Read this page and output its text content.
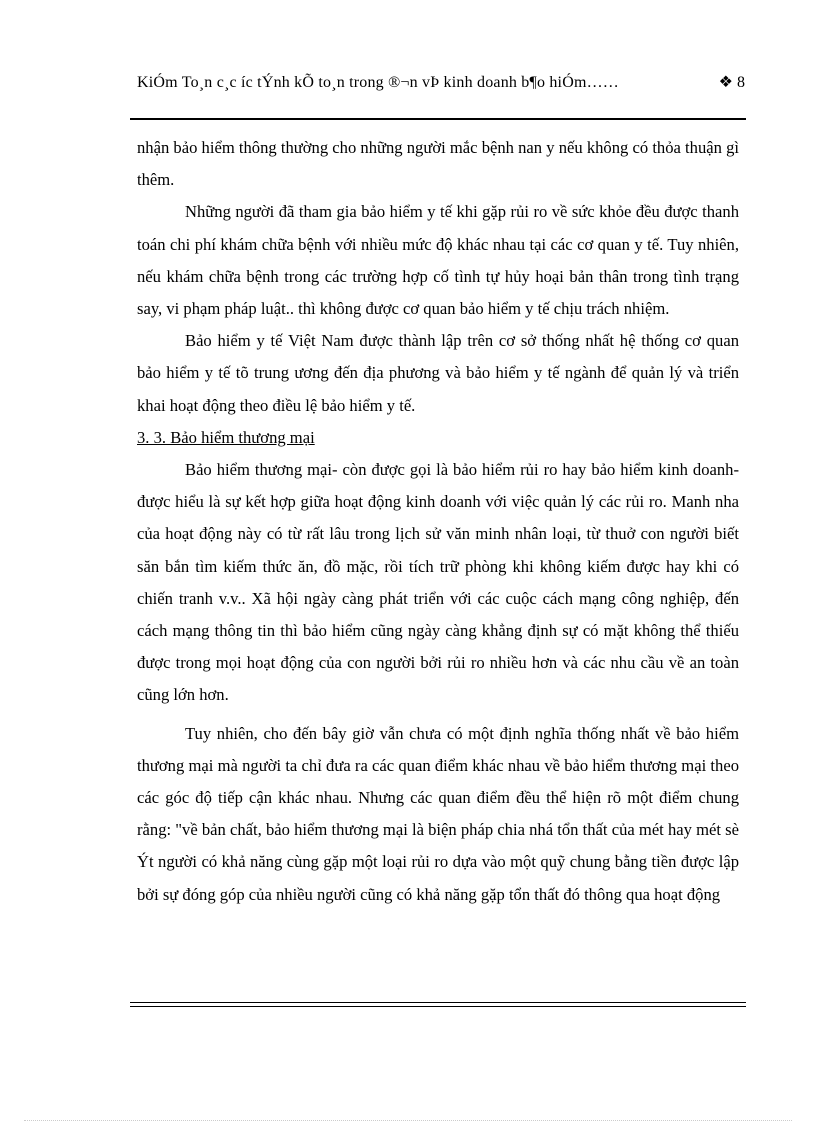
KiÓm To¸n c¸c íc tÝnh kÕ to¸n trong ®¬n vÞ kinh doanh b¶o hiÓm……	❖ 8

nhận bảo hiểm thông thường cho những người mắc bệnh nan y nếu không có thỏa thuận gì thêm.

Những người đã tham gia bảo hiểm y tế khi gặp rủi ro về sức khỏe đều được thanh toán chi phí khám chữa bệnh với nhiều mức độ khác nhau tại các cơ quan y tế. Tuy nhiên, nếu khám chữa bệnh trong các trường hợp cố tình tự hủy hoại bản thân trong tình trạng say, vi phạm pháp luật.. thì không được cơ quan bảo hiểm y tế chịu trách nhiệm.

Bảo hiểm y tế Việt Nam được thành lập trên cơ sở thống nhất hệ thống cơ quan bảo hiểm y tế tõ trung ương đến địa phương và bảo hiểm y tế ngành để quản lý và triển khai hoạt động theo điều lệ bảo hiểm y tế.

3. 3. Bảo hiểm thương mại

Bảo hiểm thương mại- còn được gọi là bảo hiểm rủi ro hay bảo hiểm kinh doanh- được hiểu là sự kết hợp giữa hoạt động kinh doanh với việc quản lý các rủi ro. Manh nha của hoạt động này có từ rất lâu trong lịch sử văn minh nhân loại, từ thuở con người biết săn bắn tìm kiếm thức ăn, đồ mặc, rồi tích trữ phòng khi không kiếm được hay khi có chiến tranh v.v.. Xã hội ngày càng phát triển với các cuộc cách mạng công nghiệp, đến cách mạng thông tin thì bảo hiểm cũng ngày càng khẳng định sự có mặt không thể thiếu được trong mọi hoạt động của con người bởi rủi ro nhiều hơn và các nhu cầu về an toàn cũng lớn hơn.

Tuy nhiên, cho đến bây giờ vẫn chưa có một định nghĩa thống nhất về bảo hiểm thương mại mà người ta chỉ đưa ra các quan điểm khác nhau về bảo hiểm thương mại theo các góc độ tiếp cận khác nhau. Nhưng các quan điểm đều thể hiện rõ một điểm chung rằng: "về bản chất, bảo hiểm thương mại là biện pháp chia nhá tổn thất của mét hay mét sè Ýt người có khả năng cùng gặp một loại rủi ro dựa vào một quỹ chung bằng tiền được lập bởi sự đóng góp của nhiều người cũng có khả năng gặp tổn thất đó thông qua hoạt động
